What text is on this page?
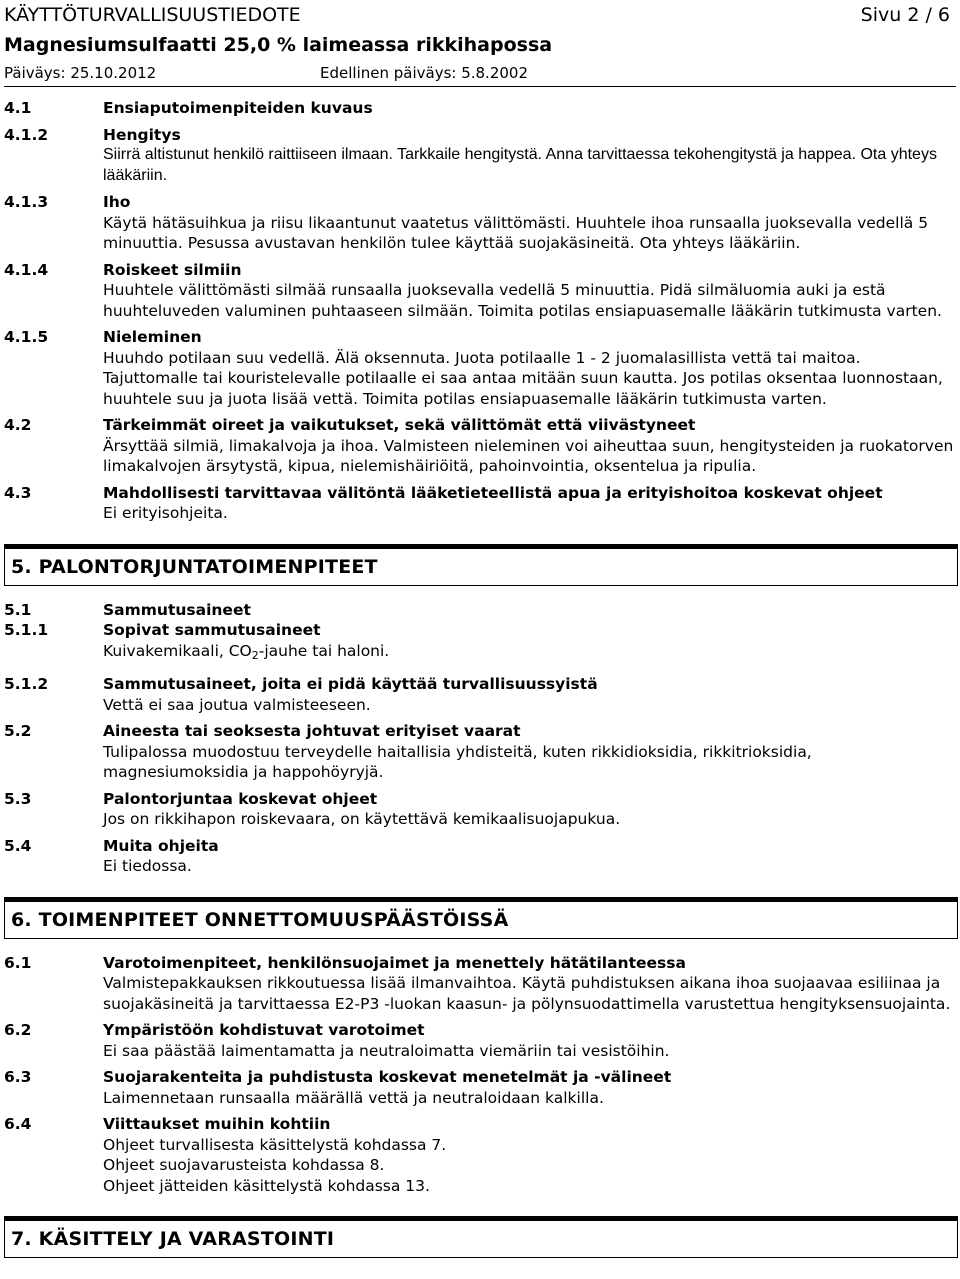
KÄYTTÖTURVALLISUUSTIEDOTE	Sivu 2 / 6
Magnesiumsulfaatti 25,0 % laimeassa rikkihapossa
Päiväys: 25.10.2012	Edellinen päiväys: 5.8.2002
4.1	Ensiaputoimenpiteiden kuvaus
4.1.2	Hengitys
Siirrä altistunut henkilö raittiiseen ilmaan. Tarkkaile hengitystä. Anna tarvittaessa tekohengitystä ja happea. Ota yhteys lääkäriin.
4.1.3	Iho
Käytä hätäsuihkua ja riisu likaantunut vaatetus välittömästi. Huuhtele ihoa runsaalla juoksevalla vedellä 5 minuuttia. Pesussa avustavan henkilön tulee käyttää suojakäsineitä. Ota yhteys lääkäriin.
4.1.4	Roiskeet silmiin
Huuhtele välittömästi silmää runsaalla juoksevalla vedellä 5 minuuttia. Pidä silmäluomia auki ja estä huuhteluveden valuminen puhtaaseen silmään. Toimita potilas ensiapuasemalle lääkärin tutkimusta varten.
4.1.5	Nieleminen
Huuhdo potilaan suu vedellä. Älä oksennuta. Juota potilaalle 1 - 2 juomalasillista vettä tai maitoa. Tajuttomalle tai kouristelevalle potilaalle ei saa antaa mitään suun kautta. Jos potilas oksentaa luonnostaan, huuhtele suu ja juota lisää vettä. Toimita potilas ensiapuasemalle lääkärin tutkimusta varten.
4.2	Tärkeimmät oireet ja vaikutukset, sekä välittömät että viivästyneet
Ärsyttää silmiä, limakalvoja ja ihoa. Valmisteen nieleminen voi aiheuttaa suun, hengitysteiden ja ruokatorven limakalvojen ärsytystä, kipua, nielemishäiriöitä, pahoinvointia, oksentelua ja ripulia.
4.3	Mahdollisesti tarvittavaa välitöntä lääketieteellistä apua ja erityishoitoa koskevat ohjeet
Ei erityisohjeita.
5. PALONTORJUNTATOIMENPITEET
5.1	Sammutusaineet
5.1.1	Sopivat sammutusaineet
Kuivakemikaali, $CO_2$-jauhe tai haloni.
5.1.2	Sammutusaineet, joita ei pidä käyttää turvallisuussyistä
Vettä ei saa joutua valmisteeseen.
5.2	Aineesta tai seoksesta johtuvat erityiset vaarat
Tulipalossa muodostuu terveydelle haitallisia yhdisteitä, kuten rikkidioksidia, rikkitrioksidia, magnesiumoksidia ja happohöyryjä.
5.3	Palontorjuntaa koskevat ohjeet
Jos on rikkihapon roiskevaara, on käytettävä kemikaalisuojapukua.
5.4	Muita ohjeita
Ei tiedossa.
6. TOIMENPITEET ONNETTOMUUSPÄÄSTÖISSÄ
6.1	Varotoimenpiteet, henkilönsuojaimet ja menettely hätätilanteessa
Valmistepakkauksen rikkoutuessa lisää ilmanvaihtoa. Käytä puhdistuksen aikana ihoa suojaavaa esiliinaa ja suojakäsineitä ja tarvittaessa E2-P3 -luokan kaasun- ja pölynsuodattimella varustettua hengityksensuojainta.
6.2	Ympäristöön kohdistuvat varotoimet
Ei saa päästää laimentamatta ja neutraloimatta viemäriin tai vesistöihin.
6.3	Suojarakenteita ja puhdistusta koskevat menetelmät ja -välineet
Laimennetaan runsaalla määrällä vettä ja neutraloidaan kalkilla.
6.4	Viittaukset muihin kohtiin
Ohjeet turvallisesta käsittelystä kohdassa 7.
Ohjeet suojavarusteista kohdassa 8.
Ohjeet jätteiden käsittelystä kohdassa 13.
7. KÄSITTELY JA VARASTOINTI
